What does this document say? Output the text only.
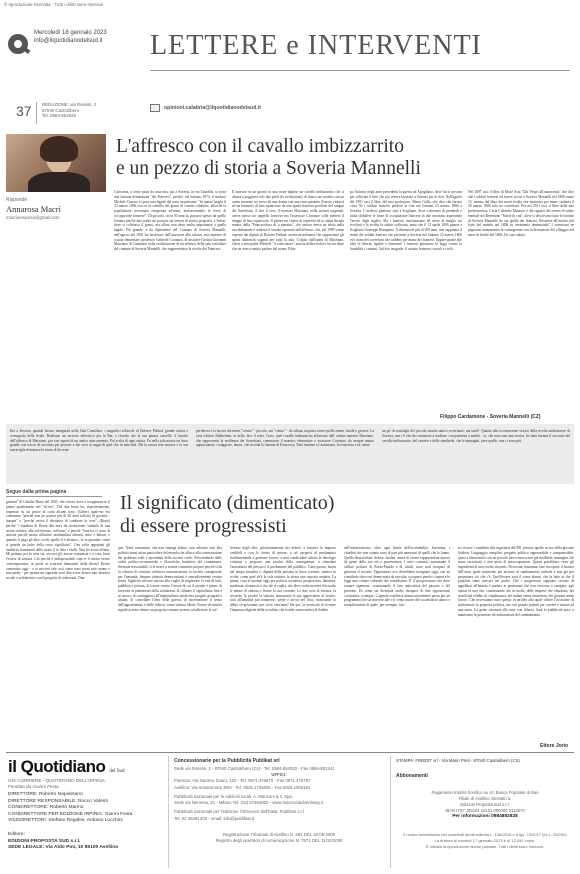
© riproduzione riservata · Tutti i diritti sono riservati
Mercoledì 18 gennaio 2023
info@ilquotidianodelsud.it LETTERE e INTERVENTI
37 REDAZIONE: via Rossini, 2
87040 Castrolibero
Tel. 0984-852828
opinioni.calabria@ilquotidianodelsud.it
L'affresco con il cavallo imbizzarrito
e un pezzo di storia a Soveria Mannelli
Risponde
Annarosa Macrì
macriannarosa@gmail.com

Carissima, a cento passi da casa mia, qui a Soveria, in via Tatarella, si trova una fontana denominata "dei Francesi", perché, nel lontano 1874, il sindaco Michele Cimino vi pose una lapide dal testo inquietante: "In questi luoghi il 23 marzo 1806 scoccò la scintilla dei giorni di cruenti calabresi, allorché la popolazione soverinata esasperata affrontò, massacrandole, le forze di occupazione francese". Da piccolo, circa 50 anni fa, passavo spesso da quella fontana perché mio padre mi portava sui terreni di nostra proprietà, a Salesi, dove si coltivava il grano, ma allora non davo molta importanza a quella lapide. Più grande, e da dipendente del Comune di Soveria Mannelli, nell'agosto del 1991 fui incaricato dall'assessore alla cultura, mio maestro di scuola elementare, professor Gabriele Costanzo, di assistere l'artista Giovanni Marziano di Catanzaro nella realizzazione di un affresco della sala consiliare del comune di Soveria Mannelli, che rappresentava la rivolta dei Francesi.

Il maestro in un giorno in una notte dipinse un cavallo imbizzarrito che si alzava a poggiava solo due piedi (la rivoluzione), di fianco un carretto con un uomo morente soccorso da una donna con una rosa spezzata (l'onore violato) ed un lenzuolo di lino squarciato da una spada francese prodotte del sangue dei Soveritani. A dire il vero, il maestro Marziano, nella stesura originale, aveva messo un cappello francese ma l'assessore Costanzo volle mettere il drappo di lino squarciato. Il pittore mi chiese di reperirio ed io andai da mia nonna, della "Franceschina di 'u maestru", che ancora aveva un telaio nella sua abitazione e realizzò il tessuto riportato nell'affresco, che, nel 1999 venne coperto dai dipinti di Dolores Puthod, un'artista milanese che rappresentò gli spiriti danteschi vaganti per tutta la sala. Colpito dall'opera di Marziano, chiesi a mio padre Michele "'u colicoatore" notizie della rivolta e lui mi disse che ne aveva sentito parlare dal nonno Filip-

po Antonio negli anni precedenti la guerra ad Aprigliano, dove lui si trovava per coltivare il lino che poi veniva lavorato a Soveria per le doti. Nell'agosto del 1991 uscì il libro del mio professore, Mario Gallo, che dice che furono circa 50 i soldati francesi perdere la vita nel lontano 23 marzo 1806 a Soveria. I rivoltosi giunsero sino a Scigliano, dove costavano di prenderli e latita sfidadere le forze di occupazione francese in due trionfano aspettando l'arrivo degli inglesi. Ma i francesi reazionavano ed avere la meglio sui rivoltosi e la rivolta fu subito soffocata, tanto che il 13 aprile 1806 giunse a Scigliano Giuseppe Bonaparte. A distanza di più di 200 anni, non sappiamo il nome dei soldati francesi che perirono a Soveria nel lontano 23 marzo 1806 ed i nomi dei soveritani che caddero per mano dei francesi. Eppure grazie alle idee di libertà, égalité e fraternité' i francesi portarono le leggi contro la feudalità, i comuni, l'ufficio anagrafe, il catasto francese, sociali e civili.

Nel 2007 uscì il libro di Musé Asta "Dai Vespri all'autonomia" che dice che i soldati francesi ed essere uccisi a Soveria Mannelli nel 1806 erano 14, mentre dal libro dei morti risulta che morirono per mano violenta il 28 marzo 1806 solo tre soveritani. Poi nel 2011 uscì il libro della mia professoressa, Carla Colombo Marasco e dei ragazzi del centro di salute mentale dei Reventino "Storie di vita", dove si descrivono tutte le fontane di Soveria Mannelli tra cui quella dei francesi. Resistere all'esserlo più forte del mondo nel 1806 fu veramente demenziale? I soveritani ne pagarono amaramente le conseguenze con la distruzione del villaggio nel mese di fiorile del 1806. Un caro saluto.

Filippo Cardamone - Soveria Mannelli (CZ)

Ero a Soveria, quando furono inaugurati nella Sala Consiliare, i magnifici affreschi di Dolores Puthod, grande artista e scenografa della Scala. Realizzai un servizio televisivo per la Rai, e ricordo che la sua pittura cancellò il ricordo dell'affresco di Marziano, pur con aspetti di un antico attaccamento. Fui scelta di ogni artista. Fu nella sala nostra un buco grande con tracce di racconto per provare a dar voce ai segni di quel che fu antichità. Ma la nuova tela narrava e la sua meraviglia dominava la storia di Soveria.

periferica e la faceva diventare "centro" - piccolo, ma "centro" - di cultura, inquieta come quelle anime, lucide e gioiose. La casa editrice Rubbettino, tu dello, fece il resto. Certo, quel cavallo imbizzarrito affrescato dall' ottimo maestro Marziano, che rappresenta la resilienza dei Soveritani, commuove il maestro elementare e assessore Costanzo, da sempre animo appassionato, coraggiose, tenaci, che ricorda la fontana di Francesca. Tutti insieme a Cardamone, fa tenerezza e fa venire

un po' di nostalgia del piccolo mondo antico soveritano, ma tant'è. Quanto alla ricostruzione storica della rivolta antifrancese di Soveria, non c'è che da continuare a studiare, con pazienza e umiltà... io, che non sono una storica, ho fatto bastare il racconto del cavallo imbizzarrito, del carretto e dello stendardo, che le immagini, pure quelle, non ci sono più.

Segue dalla prima pagina	Il significato (dimenticato)
di essere progressisti

ginistra" di Claudio Rinto del 2005, che ritrovo dove a scoppiazza-re il primo quantomeno nel "rit-mo". Dei due brani ho, rispettivamente, impresso su un pezzo di carta alcune frasi: (Gaber) quale-no era comunista "perché non ne poteva più di 40 anni (allora) di governi... inaspet" o "perché aveva il desiderio di cambiare le cose"; (Rinto) perché "i bambini di Donte alla terra da rivoluzione, simbolo di una stessa sinistra, alla sof-ferenza, soffrono" e perché "fane-ba ci sono di sinistra perché suono all'antico nonbambini affranti, rimo e bilioni, e quando il paga gli dice «vedi, quello il è afriano», lo tu guardare come si guarda un ladro della sosta significato". Una volta appuntati gli undidetti frammenti dello strato il lo letto i ritalli. Non ho avuto affatto. Mi pensato per la cosa sia, accorci-gli, essere comunista o a cosa fosse l'essere di sinistra. Ciò perché è indispensabile capi-re il nostro essere contemporaneo, in prede ai sconvesi demonetti della destra! Essere comunista oggi - e io mo-rirò tale così come sono morti mio nonno e mio padre - per quanto mi riguarda vuol dire avere dentro tutti desideri sociali e solidaristici con il progetto di realizzarli. Dun-

que, l'idea comunista, che non rinnega affatto, non affronta solo alla politica bensì ad un particolare del mondo che allisce alla conservazione dei problemi reali e quotidiani della società civile. Prescindendo dalle radici politico-economiche e filosofiche fondative del comunismo, divenute trascurabili, ci si riesce a sentire comunisti proprio perché si ha la volontà di costruire un'intera comunicazione la società consapevole per l'umanità. Sempre tuttavia democristiani è sem-plicemente restare fermi. Significa rilevare ancora alla voglia di migliorare la vita di tutti, pubblica o privata, di lottare contro l'orrore di cui il mondo è pieno; di investire ai piattimenti della solidarietà, di riflutare il capitalismo fine a se stesso; di contrapporsi all'imperialismo attraverso progetti geografici unitari, di cancellare l'idea della guerra; di incrementare il senso dell'appartenenza e delle fiducia, come sinistra ideale. Essere di sinistra significa avere dentro un progetto comune proteso ad alleviare le sof-

ferenze degli altri, prioritariamente dei deboli; a favorire le imprese credibili e con le forme di potere; a ad op-porsi al predominio multinazionale a generare lavoro; a non condividere affatto le ideologie cristiane e proporre una pratica della conseguenza; a stimolare l'autonomia del privato e il predominio del pubblico. Tutto questo, lascia nel tempo moralità e, dignità della persona in linea coerenti; sentirsi in scelte, come quel ch'è la sola sinistra, la stessa una risposta unitaria. La prima, cosa si intende oggi per politica socialista, progressista, laburista, moderata, riformista o che dir si voglia, che devo verbe mettere d'accordo le anime di sinistra e fiorire la sua corrente. Le due cose di sinistra, la seconda. Io perché la sinistra, nonostante le sue approvative al vertice, tutti all'umanità più numerose, perde e arriva nel fisso, nonostante lo abbia co-governato per circa vent'anni? Da qui, la necessità di ricreare l'impronta digitale della sconfitta, che risiede senza ombra di dubbio

nell'astensionismo, oltre ogni limite dell'accettabilità. Insomma, i cittadini che non votano sono di pari più numerosi di quelli che lo fanno. Quella disarticolata, deluse, inedite, senza di essere rappresentata ancora da gente della sua età e provenienza. I miei contrasti, nonostante il calibro politico di Borsa-Parade e di simili, sono stati incapaci di generare il riscatto. Figuriamoci ove dovrebbero insegnare oggi, con un contributo che trovi democrazia da raccolta, occuparsi pendo i canoni e le leggi una voltare culturale dei contributori. E' il progressismo che deve tornare egemone, contrastando il fare autocritica del passato e del presente. Di come sia diventata anche incapace di fare opposizione costruttiva, ovunque. L'agenda condivisa democraticamente passa per un programma che sia davvero tale e il vento nuovo del vocabolario stanco e semplicemente di quale, per esempio, fan-

no rivorse i candidati alla segreteria del PD, persino quello in uso della giovane Schlein. Linguaggio semplice, progetto politico apprezzabile e comprensibile, quasi a dimostrarlo con un piccolo fuoco nuovo non già mollatele, immagini che siano rassicurati e non pieni di preoccupazioni. Questi potrebbero esser gli ingredienti di una ricetta vincente. Necessita, insomma, fare riscoprire il fascino dell'urna, quale strumento per arrivare al cambiamento radicale e non già per perpetuare ciò che c'è. Quell'essere stati il come alunni, che fa fatto ai che il popolari siano arrivati sul podio. Che i progressisti sappiano cercare di appellarsi all'intanto e parlare ai pensionati che non riescono a campare, agli operai fa uno che, contrastando che in molte, delle imprese che chiudono, dei statali dal reddito di cittadinanza, dei malati senza assistenza, dei giovani senza lavoro. Che necessitano tutto questo in un'idea alla quale offrire l'occasione di trasformare in proposta politica, ma con grande potenti per correre e mirare ad una meta. La gente ritornerà alle urne con fiducia. Sarà la pubblicità poco a mantenere le promesse di realizzazione del cambiamento.

Ettore Jorio
il Quotidiano del Sud
GIÀ CORRIERE - QUOTIDIANO DELL'IRPINIA
Fondato da Gianni Festa
DIRETTORE: Roberto Napoletano
DIRETTORE RESPONSABILE: Rocco Valenti
CONDIRETTORE: Roberto Marino
CONDIRETTORE PER EDIZIONE IRPINIA: Gianni Festa
VICEDIRETTORI: Stefano Regolini, Antonio Lucchini
Editore:
EDIZIONI PROPOSTA SUD s.r.l.
SEDE LEGALE: Via Aldo Pini, 10 85100 Avellino
Concessionarie per la Pubblicità Publikat srl
Sede via Rossini, 2 - 87040 Castrolibero (Cs) - Tel. 0984-854042 - Fax 0984-851241
UFFICI:
Potenza: Via Nazario Sauro, 102 - Tel. 0971.476670 - Fax 0971.476797
Avellino: Via Annarumma 39/A - Tel. 0825.1735026 - Fax 0825.1800154
Pubblicità nazionale per le edizioni locali: A. Manzoni & C Spa.
Sede via Nervesa, 21 - Milano Tel. (02) 57494802 - www.manzoniadvertising.it
Pubblicità nazionale per l'edizione l'Altrovoce dell'Italia: Publifast s.r.l.
Tel. 02 45481403 - email: info@publifast.it
Registrazione Tribunale di Avellino N. 381 DEL 18-05-2000
Registro degli operatori di comunicazione N. 7871 DEL 11/10/2000
STAMPA: FINEDIT srl - Via Mario Preti - 87040 Castrolibero (CS)
Abbonamenti
Pagamento tramite bonifico su c/c Banca Popolare di Bari
Filiale di Avellino intestato a:
Edizioni Proposta sud s.r.l.
IBAN IT67 J05424 15101 000000 0113870
Per informazioni 0984852828
Il nostro beneficiamo dei contributi diretti editoria L. 198/2016 e d.lgs. 70/2017 (ex L. 250/90)
La tiratura di martedì 17 gennaio 2023 è di 12.052 copie.
È vietata la riproduzione anche parziale. Tutti i diritti sono riservati.
